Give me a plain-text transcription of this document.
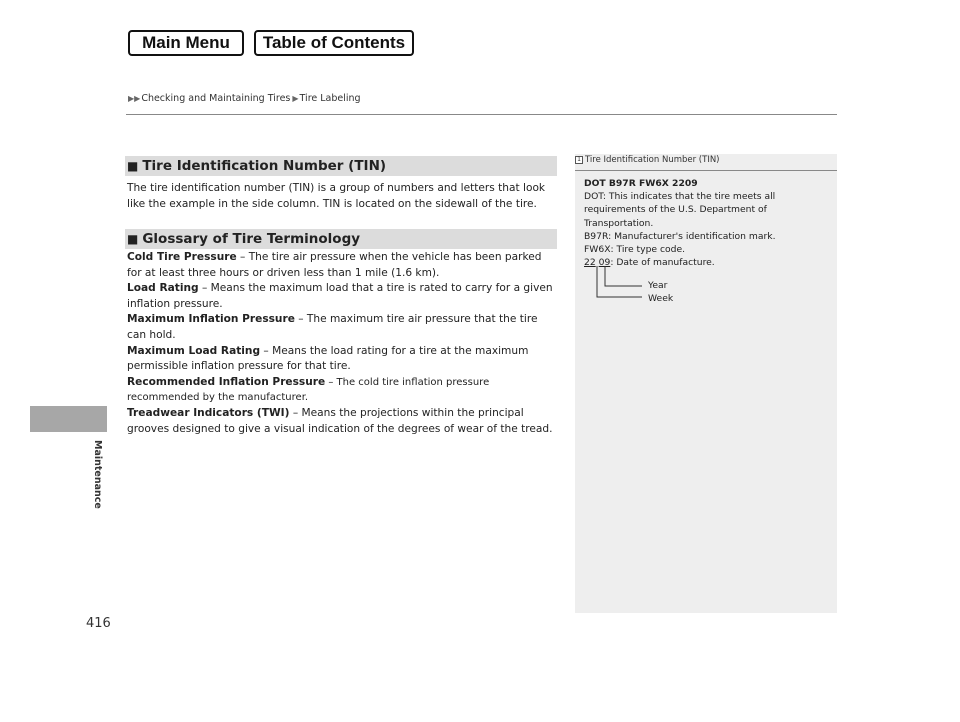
Main Menu	Table of Contents
▶▶ Checking and Maintaining Tires ▶ Tire Labeling
Maintenance
416
■ Tire Identification Number (TIN)
The tire identification number (TIN) is a group of numbers and letters that look like the example in the side column. TIN is located on the sidewall of the tire.
■ Glossary of Tire Terminology
Cold Tire Pressure – The tire air pressure when the vehicle has been parked for at least three hours or driven less than 1 mile (1.6 km).
Load Rating – Means the maximum load that a tire is rated to carry for a given inflation pressure.
Maximum Inflation Pressure – The maximum tire air pressure that the tire can hold.
Maximum Load Rating – Means the load rating for a tire at the maximum permissible inflation pressure for that tire.
Recommended Inflation Pressure – The cold tire inflation pressure recommended by the manufacturer.
Treadwear Indicators (TWI) – Means the projections within the principal grooves designed to give a visual indication of the degrees of wear of the tread.
1 Tire Identification Number (TIN)
DOT B97R FW6X 2209
DOT: This indicates that the tire meets all requirements of the U.S. Department of Transportation.
B97R: Manufacturer's identification mark.
FW6X: Tire type code.
22 09: Date of manufacture.
Year
Week
